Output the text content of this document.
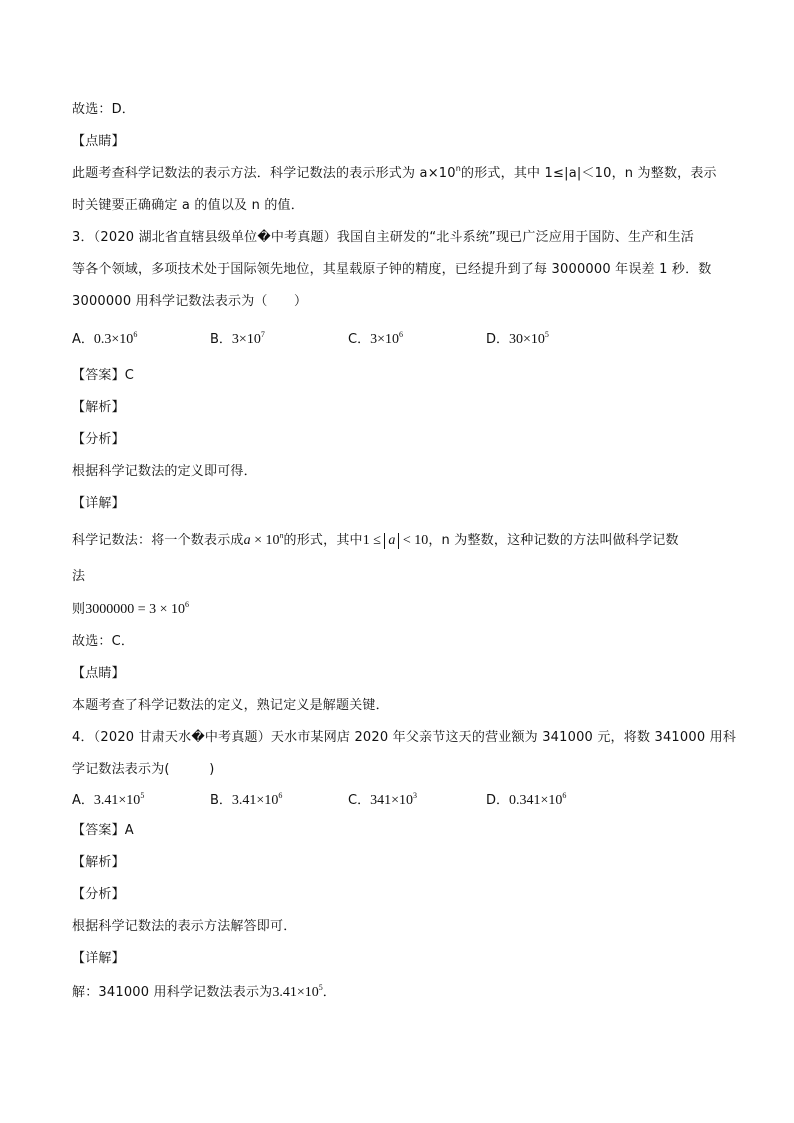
故选：D．
【点睛】
此题考查科学记数法的表示方法．科学记数法的表示形式为 $a\times 10^n$的形式，其中 1≤|a|＜10，n 为整数，表示
时关键要正确确定 a 的值以及 n 的值．
3．（2020 湖北省直辖县级单位�中考真题）我国自主研发的“北斗系统”现已广泛应用于国防、生产和生活
等各个领域，多项技术处于国际领先地位，其星载原子钟的精度，已经提升到了每 3000000 年误差 1 秒．数
3000000 用科学记数法表示为（　　）
A．$0.3\times 10^6$	B．$3\times 10^7$	C．$3\times 10^6$	D．$30\times 10^5$
【答案】C
【解析】
【分析】
根据科学记数法的定义即可得．
【详解】
科学记数法：将一个数表示成$a \times 10^n$的形式，其中1 ≤ a < 10，n 为整数，这种记数的方法叫做科学记数
法
则$3000000 = 3 \times 10^6$
故选：C．
【点睛】
本题考查了科学记数法的定义，熟记定义是解题关键．
4．（2020 甘肃天水�中考真题）天水市某网店 2020 年父亲节这天的营业额为 341000 元，将数 341000 用科
学记数法表示为(　　　)
A．$3.41\times 10^5$	B．$3.41\times 10^6$	C．$341\times 10^3$	D．$0.341\times 10^6$
【答案】A
【解析】
【分析】
根据科学记数法的表示方法解答即可．
【详解】
解：341000 用科学记数法表示为$3.41\times 10^5$．
